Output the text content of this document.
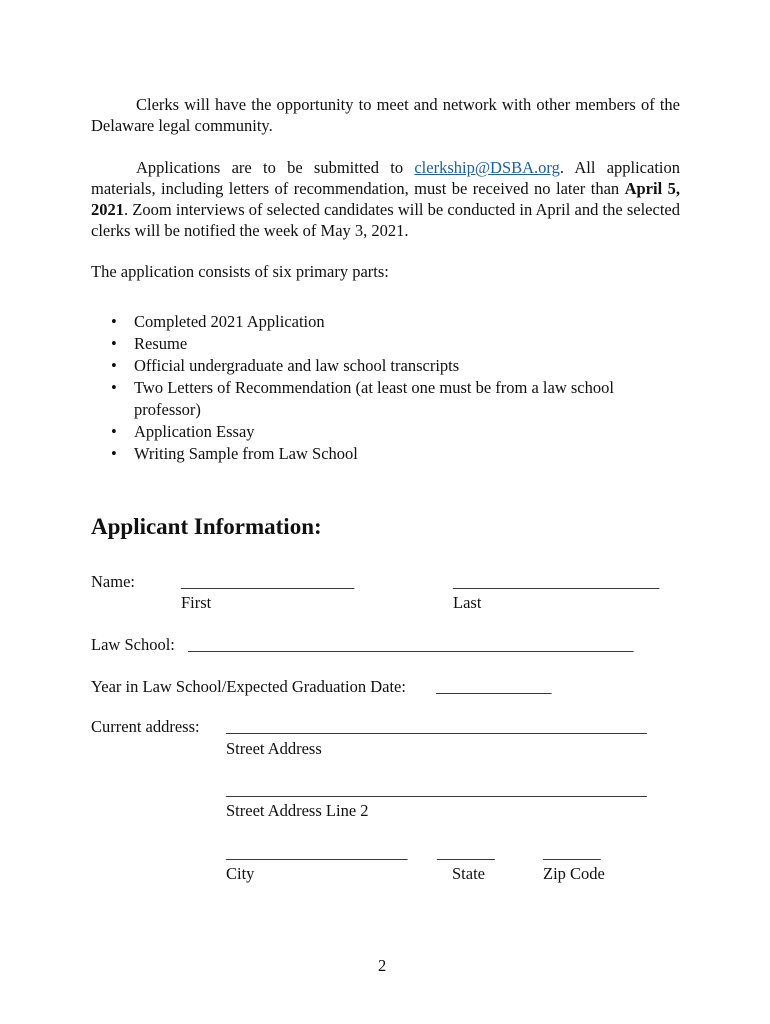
Clerks will have the opportunity to meet and network with other members of the Delaware legal community.

Applications are to be submitted to clerkship@DSBA.org. All application materials, including letters of recommendation, must be received no later than April 5, 2021. Zoom interviews of selected candidates will be conducted in April and the selected clerks will be notified the week of May 3, 2021.

The application consists of six primary parts:

• Completed 2021 Application
• Resume
• Official undergraduate and law school transcripts
• Two Letters of Recommendation (at least one must be from a law school professor)
• Application Essay
• Writing Sample from Law School
Applicant Information:
Name:	_____________________	_________________________
First	Last
Law School: ______________________________________________________
Year in Law School/Expected Graduation Date: ______________
Current address: ___________________________________________________
Street Address
___________________________________________________
Street Address Line 2
______________________ _______	_______
City	State	Zip Code
2
